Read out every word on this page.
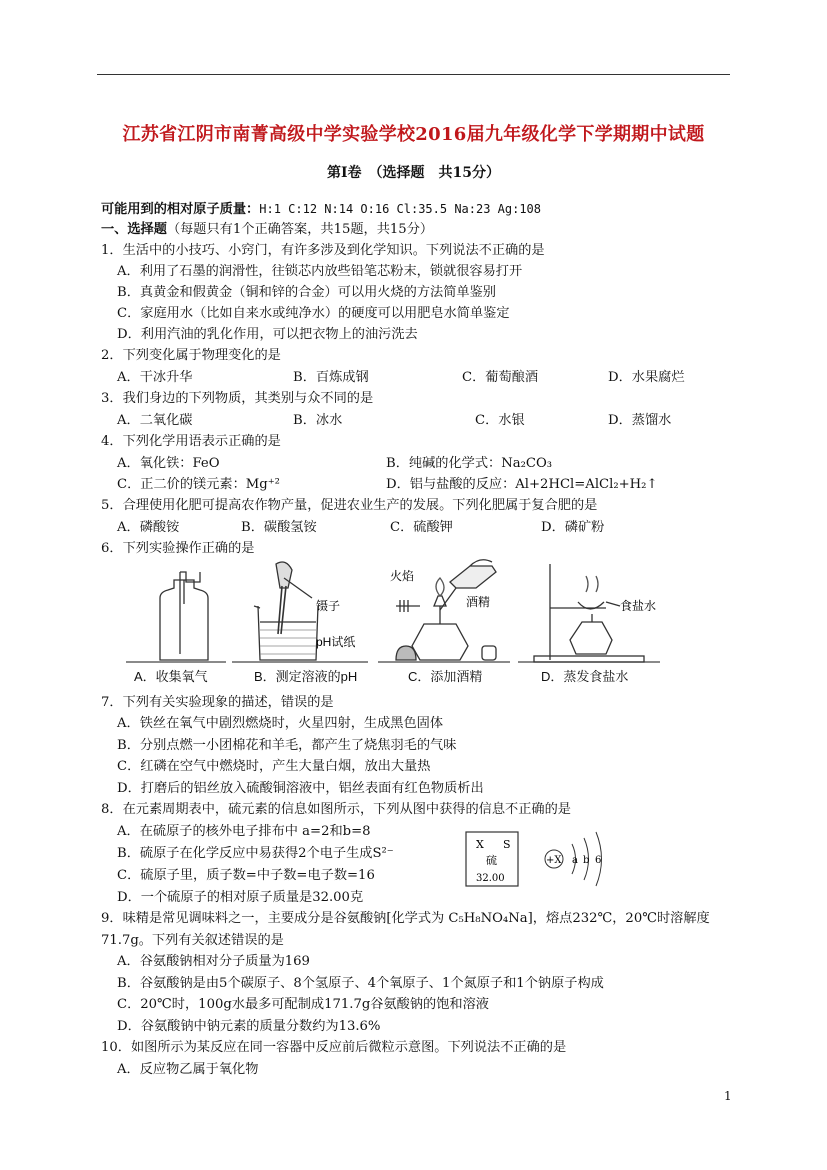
江苏省江阴市南菁高级中学实验学校2016届九年级化学下学期期中试题
第Ⅰ卷　（选择题　共15分）
可能用到的相对原子质量：H:1 C:12 N:14 O:16 Cl:35.5 Na:23 Ag:108
一、选择题（每题只有1个正确答案，共15题，共15分）
1．生活中的小技巧、小窍门，有许多涉及到化学知识。下列说法不正确的是
A．利用了石墨的润滑性，往锁芯内放些铅笔芯粉末，锁就很容易打开
B．真黄金和假黄金（铜和锌的合金）可以用火烧的方法简单鉴别
C．家庭用水（比如自来水或纯净水）的硬度可以用肥皂水简单鉴定
D．利用汽油的乳化作用，可以把衣物上的油污洗去
2．下列变化属于物理变化的是
A．干冰升华	B．百炼成钢	C．葡萄酿酒	D．水果腐烂
3．我们身边的下列物质，其类别与众不同的是
A．二氧化碳	B．冰水	C．水银	D．蒸馏水
4．下列化学用语表示正确的是
A．氧化铁：FeO	B．纯碱的化学式：Na₂CO₃
C．正二价的镁元素：Mg⁺²	D．铝与盐酸的反应：Al+2HCl=AlCl₂+H₂↑
5．合理使用化肥可提高农作物产量，促进农业生产的发展。下列化肥属于复合肥的是
A．磷酸铵	B．碳酸氢铵	C．硫酸钾	D．磷矿粉
6．下列实验操作正确的是
镊子
pH试纸
火焰
酒精	食盐水
A．收集氧气	B．测定溶液的pH	C．添加酒精	D．蒸发食盐水
7．下列有关实验现象的描述，错误的是
A．铁丝在氧气中剧烈燃烧时，火星四射，生成黑色固体
B．分别点燃一小团棉花和羊毛，都产生了烧焦羽毛的气味
C．红磷在空气中燃烧时，产生大量白烟，放出大量热
D．打磨后的铝丝放入硫酸铜溶液中，铝丝表面有红色物质析出
8．在元素周期表中，硫元素的信息如图所示，下列从图中获得的信息不正确的是
A．在硫原子的核外电子排布中 a=2和b=8
B．硫原子在化学反应中易获得2个电子生成S²⁻
C．硫原子里，质子数=中子数=电子数=16
D．一个硫原子的相对原子质量是32.00克
X S
硫
32.00
+X a b 6
9．味精是常见调味料之一，主要成分是谷氨酸钠[化学式为 C₅H₈NO₄Na]，熔点232℃，20℃时溶解度
71.7g。下列有关叙述错误的是
A．谷氨酸钠相对分子质量为169
B．谷氨酸钠是由5个碳原子、8个氢原子、4个氧原子、1个氮原子和1个钠原子构成
C．20℃时，100g水最多可配制成171.7g谷氨酸钠的饱和溶液
D．谷氨酸钠中钠元素的质量分数约为13.6%
10．如图所示为某反应在同一容器中反应前后微粒示意图。下列说法不正确的是
A．反应物乙属于氧化物
1
